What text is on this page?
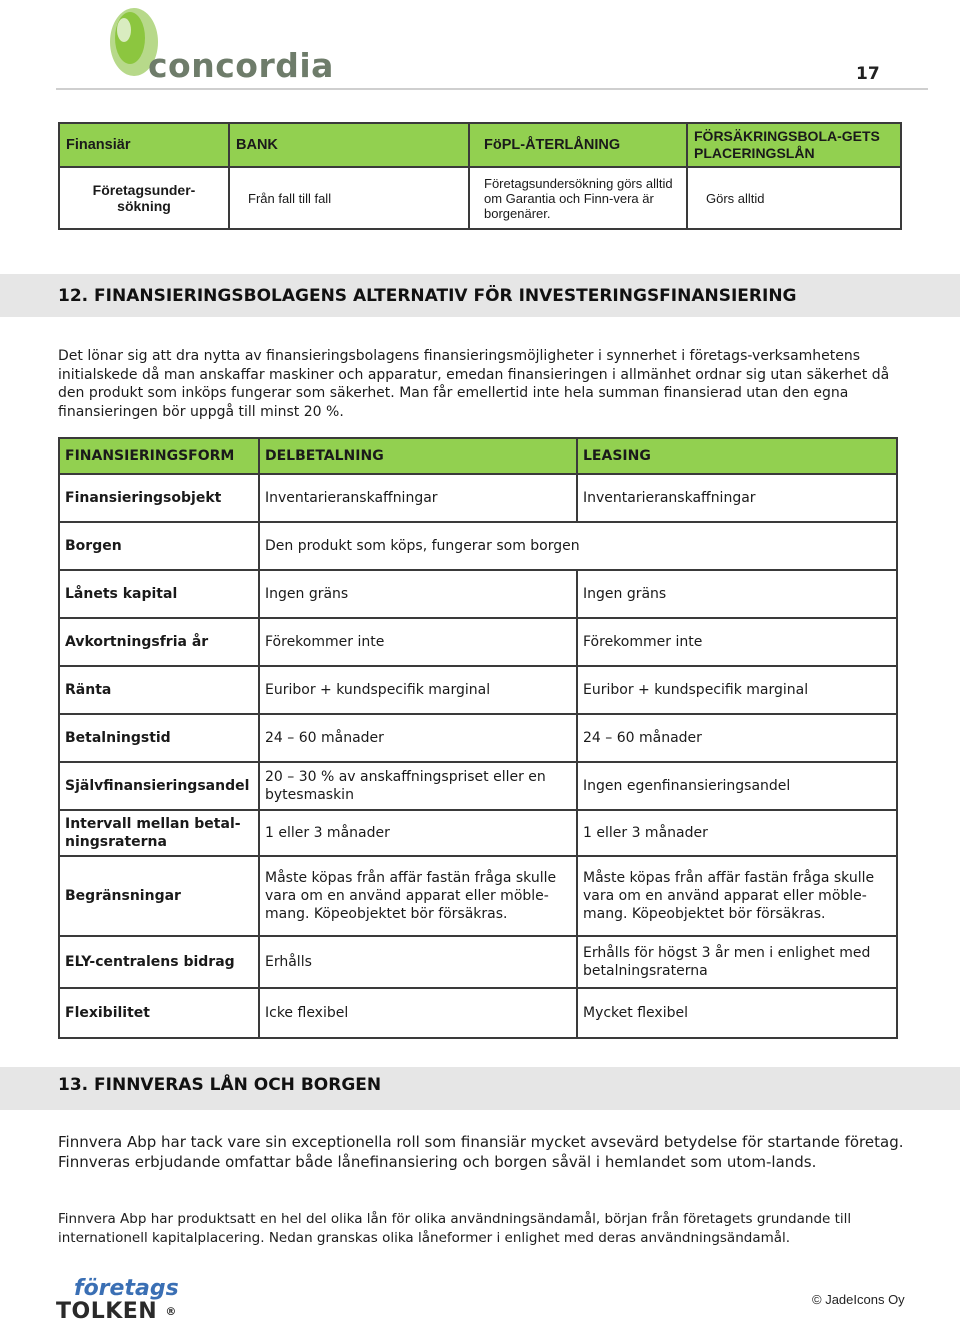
concordia	17
Finansiär	BANK	FöPL-ÅTERLÅNING	FÖRSÄKRINGSBOLA-GETS PLACERINGSLÅN
Företagsunder-sökning	Från fall till fall	Företagsundersökning görs alltid om Garantia och Finn-vera är borgenärer.	Görs alltid
12. FINANSIERINGSBOLAGENS ALTERNATIV FÖR INVESTERINGSFINANSIERING
Det lönar sig att dra nytta av finansieringsbolagens finansieringsmöjligheter i synnerhet i företags-verksamhetens initialskede då man anskaffar maskiner och apparatur, emedan finansieringen i allmänhet ordnar sig utan säkerhet då den produkt som inköps fungerar som säkerhet. Man får emellertid inte hela summan finansierad utan den egna finansieringen bör uppgå till minst 20 %.
FINANSIERINGSFORM	DELBETALNING	LEASING
Finansieringsobjekt	Inventarieranskaffningar	Inventarieranskaffningar
Borgen	Den produkt som köps, fungerar som borgen	
Lånets kapital	Ingen gräns	Ingen gräns
Avkortningsfria år	Förekommer inte	Förekommer inte
Ränta	Euribor + kundspecifik marginal	Euribor + kundspecifik marginal
Betalningstid	24 – 60 månader	24 – 60 månader
Självfinansieringsandel	20 – 30 % av anskaffningspriset eller en bytesmaskin	Ingen egenfinansieringsandel
Intervall mellan betal-ningsraterna	1 eller 3 månader	1 eller 3 månader
Begränsningar	Måste köpas från affär fastän fråga skulle vara om en använd apparat eller möble-mang. Köpeobjektet bör försäkras.	Måste köpas från affär fastän fråga skulle vara om en använd apparat eller möble-mang. Köpeobjektet bör försäkras.
ELY-centralens bidrag	Erhålls	Erhålls för högst 3 år men i enlighet med betalningsraterna
Flexibilitet	Icke flexibel	Mycket flexibel
13. FINNVERAS LÅN OCH BORGEN
Finnvera Abp har tack vare sin exceptionella roll som finansiär mycket avsevärd betydelse för startande företag. Finnveras erbjudande omfattar både lånefinansiering och borgen såväl i hemlandet som utom-lands.
Finnvera Abp har produktsatt en hel del olika lån för olika användningsändamål, början från företagets grundande till internationell kapitalplacering. Nedan granskas olika låneformer i enlighet med deras användningsändamål.
företags
TOLKEN ®
© JadeIcons Oy
